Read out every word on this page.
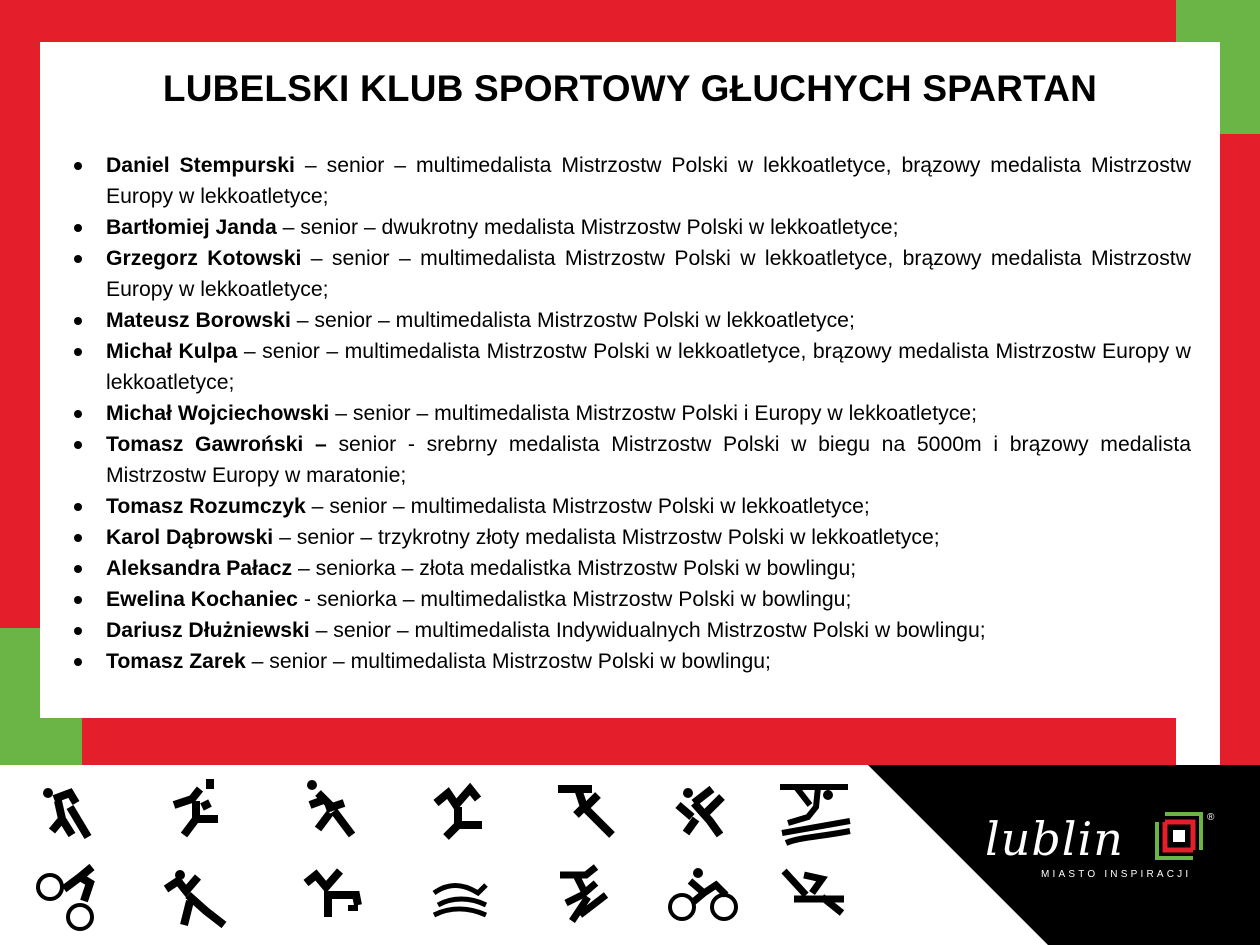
LUBELSKI KLUB SPORTOWY GŁUCHYCH SPARTAN
Daniel Stempurski – senior – multimedalista Mistrzostw Polski w lekkoatletyce, brązowy medalista Mistrzostw Europy w lekkoatletyce;
Bartłomiej Janda – senior – dwukrotny medalista Mistrzostw Polski w lekkoatletyce;
Grzegorz Kotowski – senior – multimedalista Mistrzostw Polski w lekkoatletyce, brązowy medalista Mistrzostw Europy w lekkoatletyce;
Mateusz Borowski – senior – multimedalista Mistrzostw Polski w lekkoatletyce;
Michał Kulpa – senior – multimedalista Mistrzostw Polski w lekkoatletyce, brązowy medalista Mistrzostw Europy w lekkoatletyce;
Michał Wojciechowski – senior – multimedalista Mistrzostw Polski i Europy w lekkoatletyce;
Tomasz Gawroński – senior - srebrny medalista Mistrzostw Polski w biegu na 5000m i brązowy medalista Mistrzostw Europy w maratonie;
Tomasz Rozumczyk – senior – multimedalista Mistrzostw Polski w lekkoatletyce;
Karol Dąbrowski – senior – trzykrotny złoty medalista Mistrzostw Polski w lekkoatletyce;
Aleksandra Pałacz – seniorka – złota medalistka Mistrzostw Polski w bowlingu;
Ewelina Kochaniec - seniorka – multimedalistka Mistrzostw Polski w bowlingu;
Dariusz Dłużniewski – senior – multimedalista Indywidualnych Mistrzostw Polski w bowlingu;
Tomasz Zarek – senior – multimedalista Mistrzostw Polski w bowlingu;
lublin	®
MIASTO INSPIRACJI
